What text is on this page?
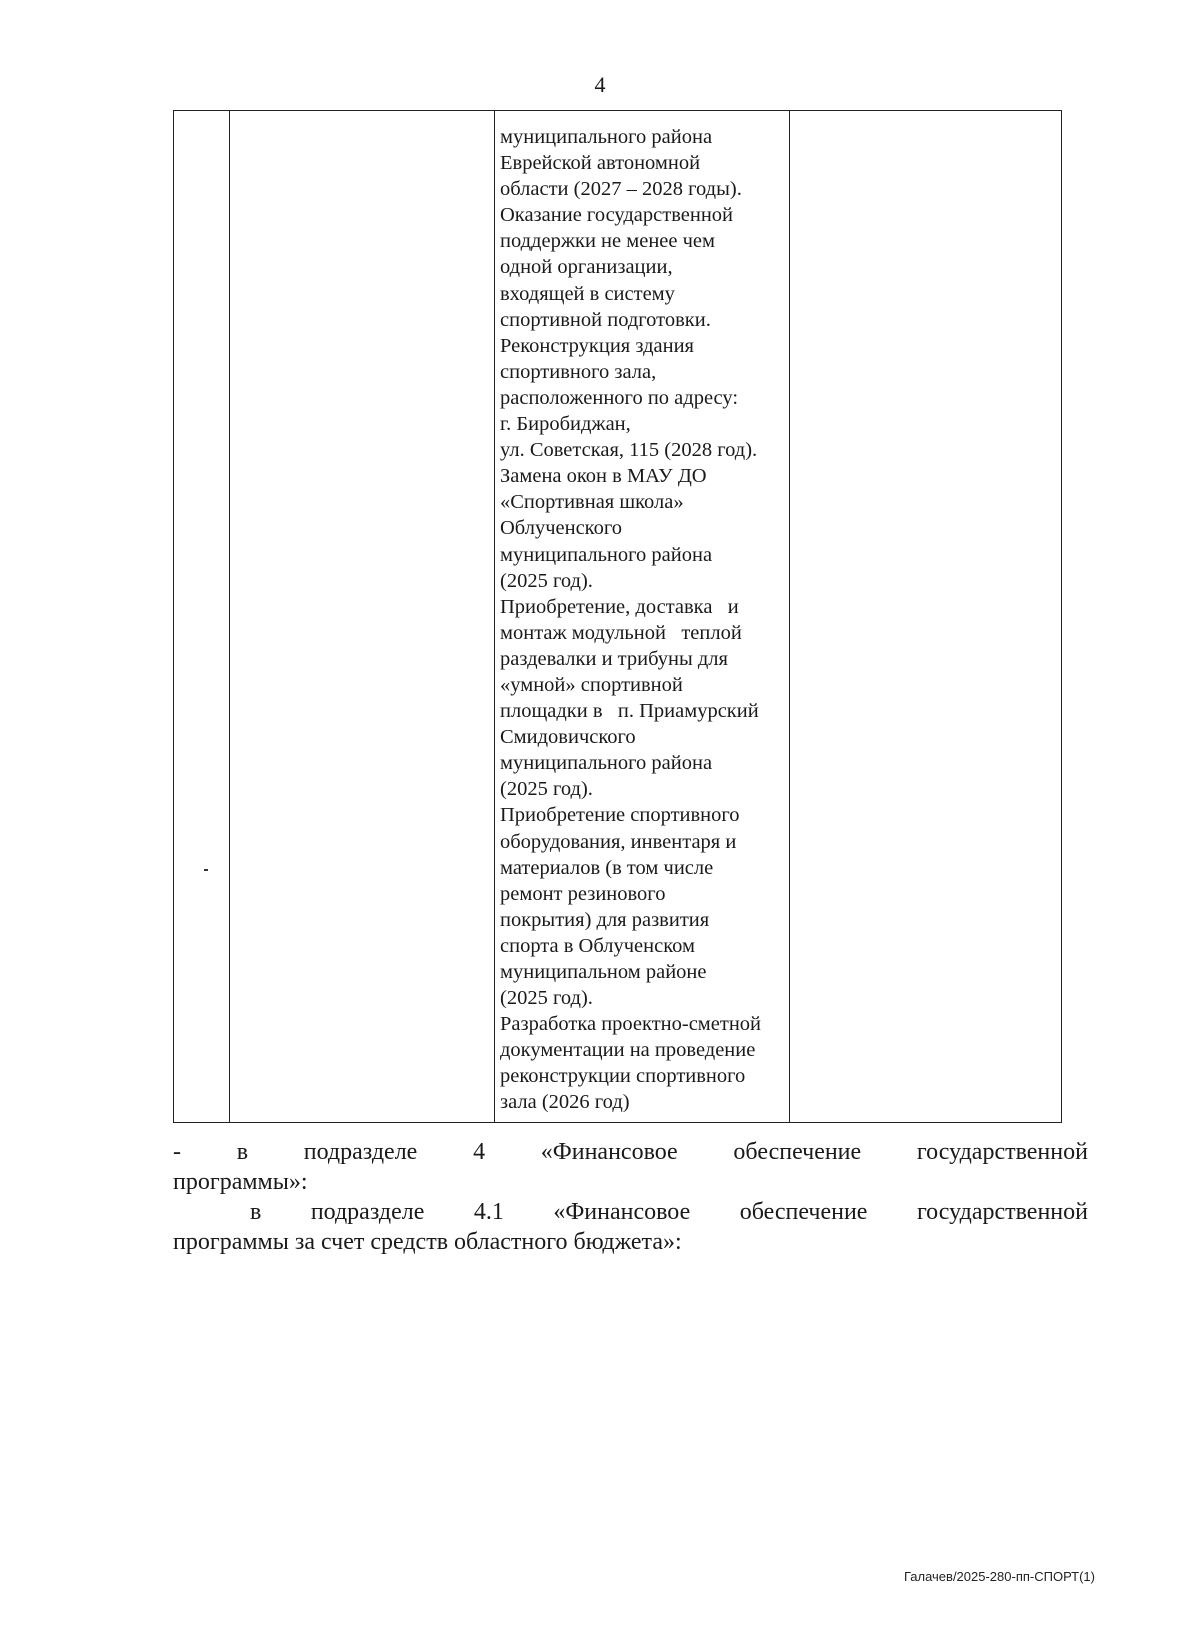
4
муниципального района
Еврейской автономной
области (2027 – 2028 годы).
Оказание государственной
поддержки не менее чем
одной организации,
входящей в систему
спортивной подготовки.
Реконструкция здания
спортивного зала,
расположенного по адресу:
г. Биробиджан,
ул. Советская, 115 (2028 год).
Замена окон в МАУ ДО
«Спортивная школа»
Облученского
муниципального района
(2025 год).
Приобретение, доставка   и
монтаж модульной   теплой
раздевалки и трибуны для
«умной» спортивной
площадки в   п. Приамурский
Смидовичского
муниципального района
(2025 год).
Приобретение спортивного
оборудования, инвентаря и
материалов (в том числе
ремонт резинового
покрытия) для развития
спорта в Облученском
муниципальном районе
(2025 год).
Разработка проектно-сметной
документации на проведение
реконструкции спортивного
зала (2026 год)
- в подразделе 4 «Финансовое обеспечение государственной
программы»:
в подразделе 4.1 «Финансовое обеспечение государственной
программы за счет средств областного бюджета»:
Галачев/2025-280-пп-СПОРТ(1)
